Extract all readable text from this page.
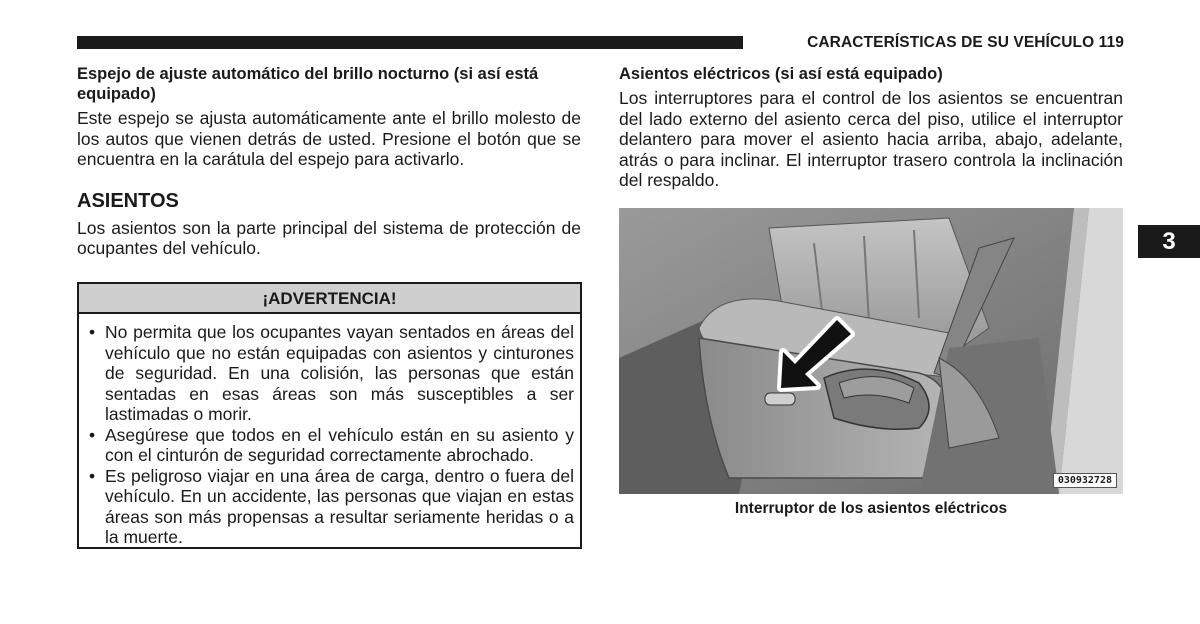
CARACTERÍSTICAS DE SU VEHÍCULO 119

Espejo de ajuste automático del brillo nocturno (si así está equipado)

Este espejo se ajusta automáticamente ante el brillo molesto de los autos que vienen detrás de usted. Presione el botón que se encuentra en la carátula del espejo para activarlo.

ASIENTOS

Los asientos son la parte principal del sistema de protección de ocupantes del vehículo.

¡ADVERTENCIA!
• No permita que los ocupantes vayan sentados en áreas del vehículo que no están equipadas con asientos y cinturones de seguridad. En una colisión, las personas que están sentadas en esas áreas son más susceptibles a ser lastimadas o morir.
• Asegúrese que todos en el vehículo están en su asiento y con el cinturón de seguridad correctamente abrochado.
• Es peligroso viajar en una área de carga, dentro o fuera del vehículo. En un accidente, las personas que viajan en estas áreas son más propensas a resultar seriamente heridas o a la muerte.

Asientos eléctricos (si así está equipado)

Los interruptores para el control de los asientos se encuentran del lado externo del asiento cerca del piso, utilice el interruptor delantero para mover el asiento hacia arriba, abajo, adelante, atrás o para inclinar. El interruptor trasero controla la inclinación del respaldo.

3
030932728
Interruptor de los asientos eléctricos
